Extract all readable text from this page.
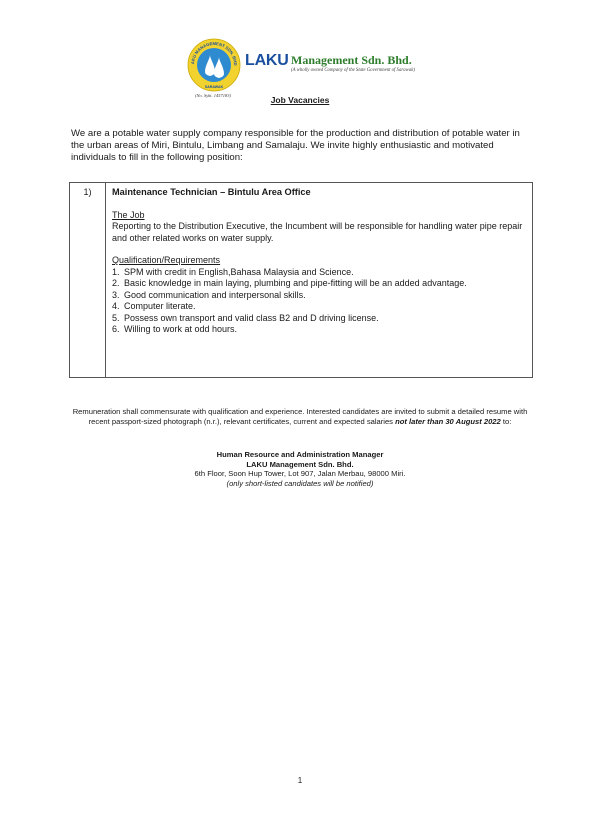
AKU MANAGEMENT SDN. BHD
SARAWAK
(No. Sykt. 1457183)
LAKU Management Sdn. Bhd.
(A wholly owned Company of the State Government of Sarawak)
Job Vacancies
We are a potable water supply company responsible for the production and distribution of potable water in the urban areas of Miri, Bintulu, Limbang and Samalaju. We invite highly enthusiastic and motivated individuals to fill in the following position:
1)	Maintenance Technician – Bintulu Area Office
The Job
Reporting to the Distribution Executive, the Incumbent will be responsible for handling water pipe repair and other related works on water supply.
Qualification/Requirements
1. SPM with credit in English,Bahasa Malaysia and Science.
2. Basic knowledge in main laying, plumbing and pipe-fitting will be an added advantage.
3. Good communication and interpersonal skills.
4. Computer literate.
5. Possess own transport and valid class B2 and D driving license.
6. Willing to work at odd hours.
Remuneration shall commensurate with qualification and experience. Interested candidates are invited to submit a detailed resume with recent passport-sized photograph (n.r.), relevant certificates, current and expected salaries not later than 30 August 2022 to:
Human Resource and Administration Manager
LAKU Management Sdn. Bhd.
6th Floor, Soon Hup Tower, Lot 907, Jalan Merbau, 98000 Miri.
(only short-listed candidates will be notified)
1
